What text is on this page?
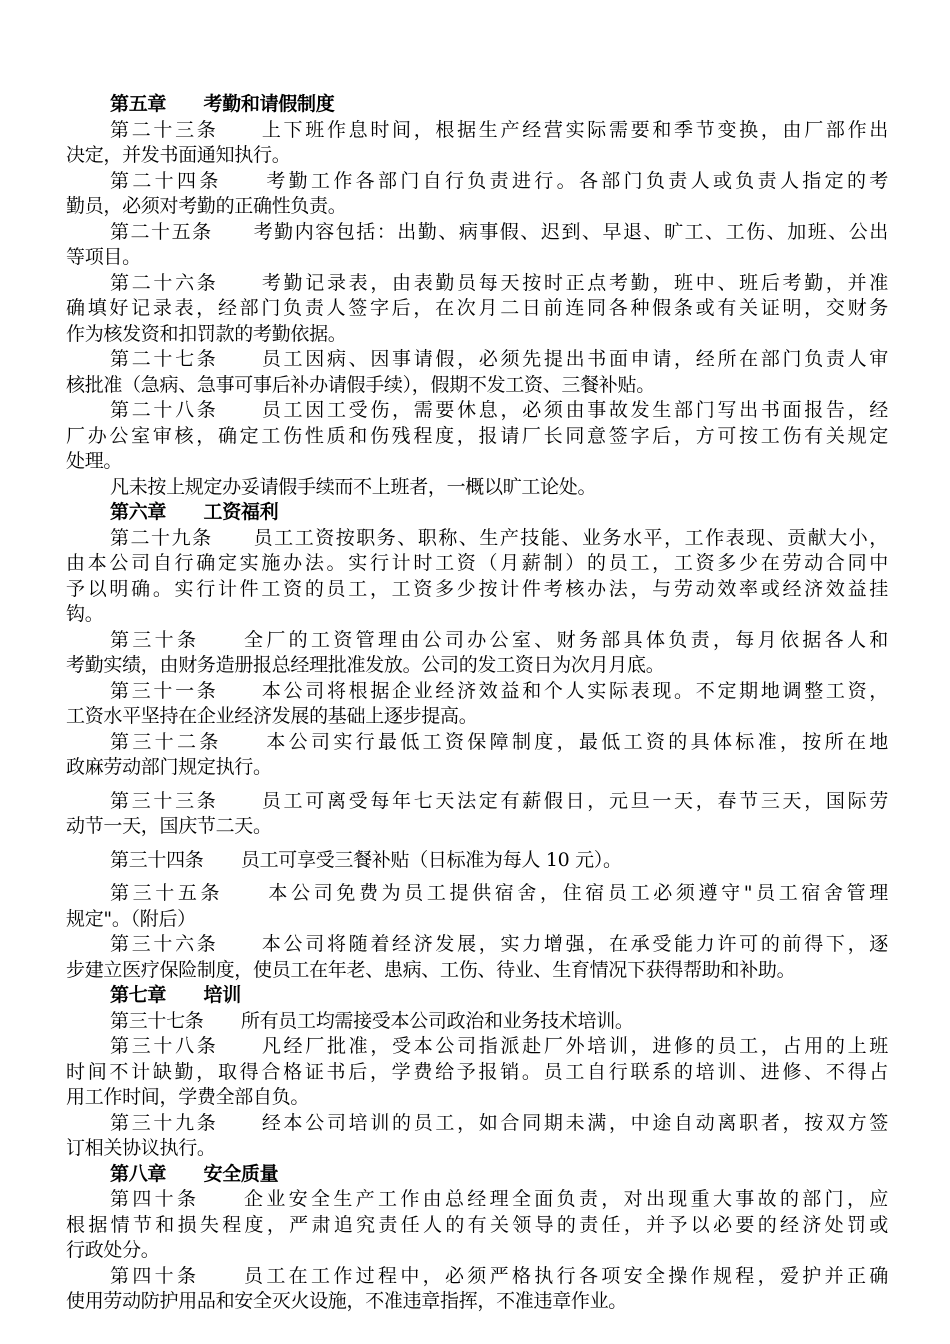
第五章　　考勤和请假制度
第二十三条　　上下班作息时间，根据生产经营实际需要和季节变换，由厂部作出
决定，并发书面通知执行。
第二十四条　　考勤工作各部门自行负责进行。各部门负责人或负责人指定的考
勤员，必须对考勤的正确性负责。
第二十五条　　考勤内容包括：出勤、病事假、迟到、早退、旷工、工伤、加班、公出
等项目。
第二十六条　　考勤记录表，由表勤员每天按时正点考勤，班中、班后考勤，并准
确填好记录表，经部门负责人签字后，在次月二日前连同各种假条或有关证明，交财务
作为核发资和扣罚款的考勤依据。
第二十七条　　员工因病、因事请假，必须先提出书面申请，经所在部门负责人审
核批准（急病、急事可事后补办请假手续），假期不发工资、三餐补贴。
第二十八条　　员工因工受伤，需要休息，必须由事故发生部门写出书面报告，经
厂办公室审核，确定工伤性质和伤残程度，报请厂长同意签字后，方可按工伤有关规定
处理。
凡未按上规定办妥请假手续而不上班者，一概以旷工论处。
第六章　　工资福利
第二十九条　　员工工资按职务、职称、生产技能、业务水平，工作表现、贡献大小，
由本公司自行确定实施办法。实行计时工资（月薪制）的员工，工资多少在劳动合同中
予以明确。实行计件工资的员工，工资多少按计件考核办法，与劳动效率或经济效益挂
钩。
第三十条　　全厂的工资管理由公司办公室、财务部具体负责，每月依据各人和
考勤实绩，由财务造册报总经理批准发放。公司的发工资日为次月月底。
第三十一条　　本公司将根据企业经济效益和个人实际表现。不定期地调整工资，
工资水平坚持在企业经济发展的基础上逐步提高。
第三十二条　　本公司实行最低工资保障制度，最低工资的具体标准，按所在地
政麻劳动部门规定执行。
第三十三条　　员工可离受每年七天法定有薪假日，元旦一天，春节三天，国际劳
动节一天，国庆节二天。
第三十四条　　员工可享受三餐补贴（日标准为每人 10 元）。
第三十五条　　本公司免费为员工提供宿舍，住宿员工必须遵守"员工宿舍管理
规定"。（附后）
第三十六条　　本公司将随着经济发展，实力增强，在承受能力许可的前得下，逐
步建立医疗保险制度，使员工在年老、患病、工伤、待业、生育情况下获得帮助和补助。
第七章　　培训
第三十七条　　所有员工均需接受本公司政治和业务技术培训。
第三十八条　　凡经厂批准，受本公司指派赴厂外培训，进修的员工，占用的上班
时间不计缺勤，取得合格证书后，学费给予报销。员工自行联系的培训、进修、不得占
用工作时间，学费全部自负。
第三十九条　　经本公司培训的员工，如合同期未满，中途自动离职者，按双方签
订相关协议执行。
第八章　　安全质量
第四十条　　企业安全生产工作由总经理全面负责，对出现重大事故的部门，应
根据情节和损失程度，严肃追究责任人的有关领导的责任，并予以必要的经济处罚或
行政处分。
第四十条　　员工在工作过程中，必须严格执行各项安全操作规程，爱护并正确
使用劳动防护用品和安全灭火设施，不准违章指挥，不准违章作业。
